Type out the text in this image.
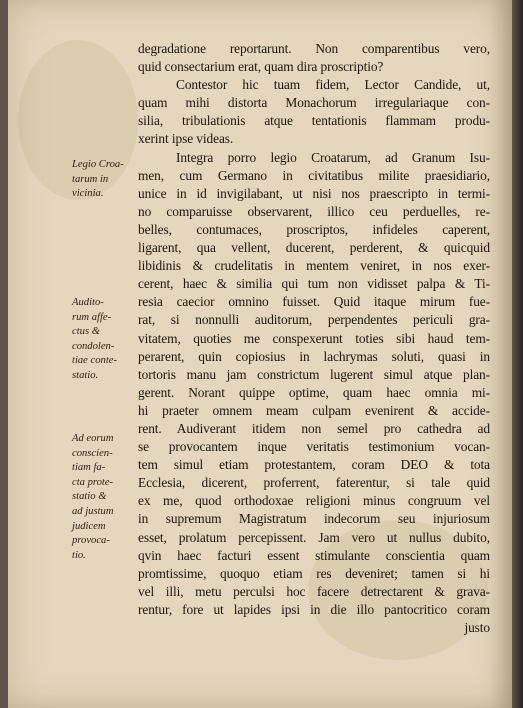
degradatione reportarunt. Non comparentibus vero,
quid consectarium erat, quam dira proscriptio?
Contestor hic tuam fidem, Lector Candide, ut,
quam mihi distorta Monachorum irregulariaque con-
silia, tribulationis atque tentationis flammam produ-
xerint ipse videas.
Integra porro legio Croatarum, ad Granum Isu-
men, cum Germano in civitatibus milite praesidiario,
unice in id invigilabant, ut nisi nos praescripto in termi-
no comparuisse observarent, illico ceu perduelles, re-
belles, contumaces, proscriptos, infideles caperent,
ligarent, qua vellent, ducerent, perderent, & quicquid
libidinis & crudelitatis in mentem veniret, in nos exer-
cerent, haec & similia qui tum non vidisset palpa & Ti-
resia caecior omnino fuisset. Quid itaque mirum fue-
rat, si nonnulli auditorum, perpendentes periculi gra-
vitatem, quoties me conspexerunt toties sibi haud tem-
perarent, quin copiosius in lachrymas soluti, quasi in
tortoris manu jam constrictum lugerent simul atque plan-
gerent. Norant quippe optime, quam haec omnia mi-
hi praeter omnem meam culpam evenirent & accide-
rent. Audiverant itidem non semel pro cathedra ad
se provocantem inque veritatis testimonium vocan-
tem simul etiam protestantem, coram DEO & tota
Ecclesia, dicerent, proferrent, faterentur, si tale quid
ex me, quod orthodoxae religioni minus congruum vel
in supremum Magistratum indecorum seu injuriosum
esset, prolatum percepissent. Jam vero ut nullus dubito,
qvin haec facturi essent stimulante conscientia quam
promtissime, quoquo etiam res deveniret; tamen si hi
vel illi, metu perculsi hoc facere detrectarent & grava-
rentur, fore ut lapides ipsi in die illo pantocritico coram
justo
Legio Croa-
tarum in
vicinia.
Audito-
rum affe-
ctus &
condolen-
tiae conte-
statio.
Ad eorum
conscien-
tiam fa-
cta prote-
statio &
ad justum
judicem
provoca-
tio.
